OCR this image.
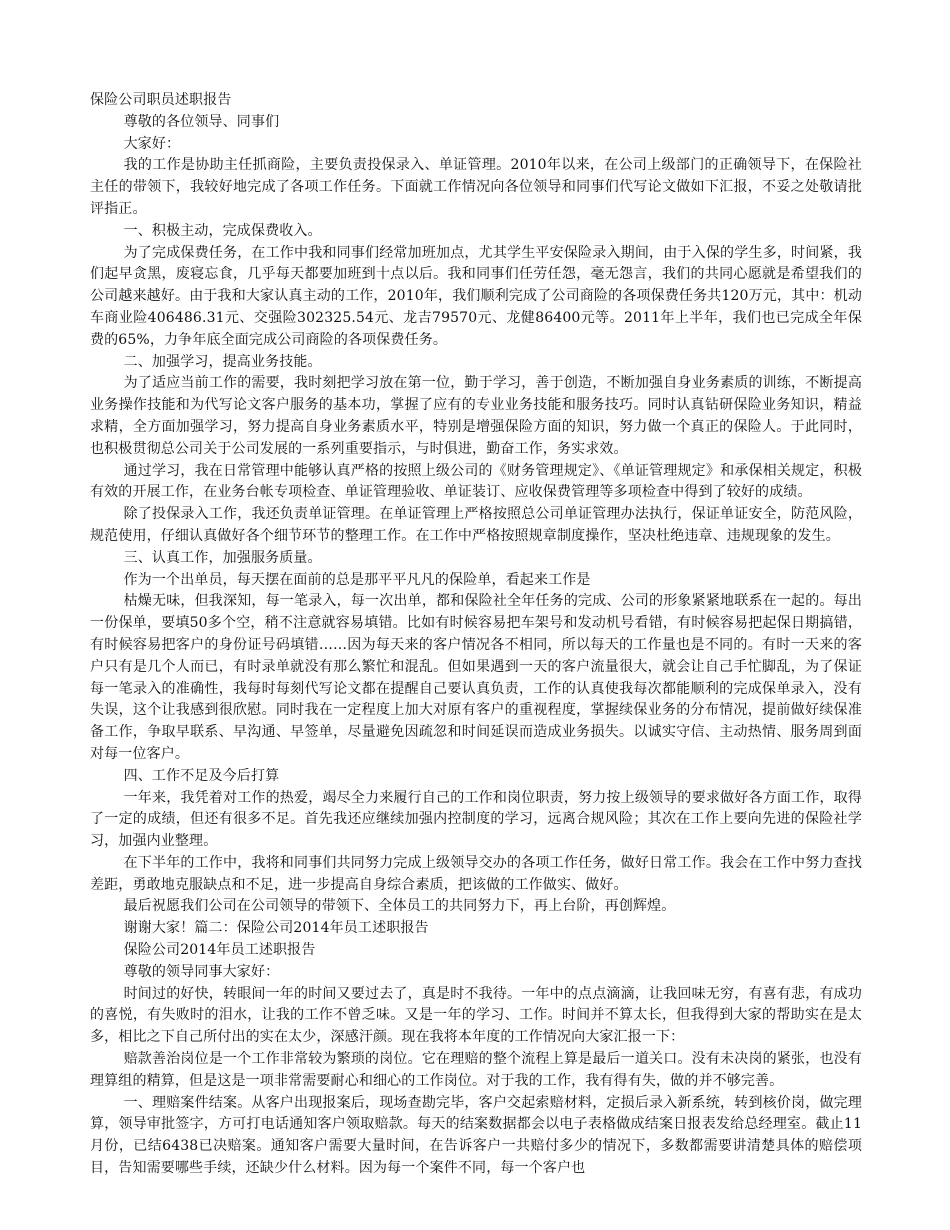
保险公司职员述职报告

尊敬的各位领导、同事们

大家好：

我的工作是协助主任抓商险，主要负责投保录入、单证管理。2010年以来，在公司上级部门的正确领导下，在保险社主任的带领下，我较好地完成了各项工作任务。下面就工作情况向各位领导和同事们代写论文做如下汇报，不妥之处敬请批评指正。

一、积极主动，完成保费收入。

为了完成保费任务，在工作中我和同事们经常加班加点，尤其学生平安保险录入期间，由于入保的学生多，时间紧，我们起早贪黑，废寝忘食，几乎每天都要加班到十点以后。我和同事们任劳任怨，毫无怨言，我们的共同心愿就是希望我们的公司越来越好。由于我和大家认真主动的工作，2010年，我们顺利完成了公司商险的各项保费任务共120万元，其中：机动车商业险406486.31元、交强险302325.54元、龙吉79570元、龙健86400元等。2011年上半年，我们也已完成全年保费的65%，力争年底全面完成公司商险的各项保费任务。

二、加强学习，提高业务技能。

为了适应当前工作的需要，我时刻把学习放在第一位，勤于学习，善于创造，不断加强自身业务素质的训练，不断提高业务操作技能和为代写论文客户服务的基本功，掌握了应有的专业业务技能和服务技巧。同时认真钻研保险业务知识，精益求精，全方面加强学习，努力提高自身业务素质水平，特别是增强保险方面的知识，努力做一个真正的保险人。于此同时，也积极贯彻总公司关于公司发展的一系列重要指示，与时俱进，勤奋工作，务实求效。

通过学习，我在日常管理中能够认真严格的按照上级公司的《财务管理规定》、《单证管理规定》和承保相关规定，积极有效的开展工作，在业务台帐专项检查、单证管理验收、单证装订、应收保费管理等多项检查中得到了较好的成绩。

除了投保录入工作，我还负责单证管理。在单证管理上严格按照总公司单证管理办法执行，保证单证安全，防范风险，规范使用，仔细认真做好各个细节环节的整理工作。在工作中严格按照规章制度操作，坚决杜绝违章、违规现象的发生。

三、认真工作，加强服务质量。

作为一个出单员，每天摆在面前的总是那平平凡凡的保险单，看起来工作是

枯燥无味，但我深知，每一笔录入，每一次出单，都和保险社全年任务的完成、公司的形象紧紧地联系在一起的。每出一份保单，要填50多个空，稍不注意就容易填错。比如有时候容易把车架号和发动机号看错，有时候容易把起保日期搞错，有时候容易把客户的身份证号码填错……因为每天来的客户情况各不相同，所以每天的工作量也是不同的。有时一天来的客户只有是几个人而已，有时录单就没有那么繁忙和混乱。但如果遇到一天的客户流量很大，就会让自己手忙脚乱，为了保证每一笔录入的准确性，我每时每刻代写论文都在提醒自己要认真负责，工作的认真使我每次都能顺利的完成保单录入，没有失误，这个让我感到很欣慰。同时我在一定程度上加大对原有客户的重视程度，掌握续保业务的分布情况，提前做好续保准备工作，争取早联系、早沟通、早签单，尽量避免因疏忽和时间延误而造成业务损失。以诚实守信、主动热情、服务周到面对每一位客户。

四、工作不足及今后打算

一年来，我凭着对工作的热爱，竭尽全力来履行自己的工作和岗位职责，努力按上级领导的要求做好各方面工作，取得了一定的成绩，但还有很多不足。首先我还应继续加强内控制度的学习，远离合规风险；其次在工作上要向先进的保险社学习，加强内业整理。

在下半年的工作中，我将和同事们共同努力完成上级领导交办的各项工作任务，做好日常工作。我会在工作中努力查找差距，勇敢地克服缺点和不足，进一步提高自身综合素质，把该做的工作做实、做好。

最后祝愿我们公司在公司领导的带领下、全体员工的共同努力下，再上台阶，再创辉煌。

谢谢大家！篇二：保险公司2014年员工述职报告

保险公司2014年员工述职报告

尊敬的领导同事大家好：

时间过的好快，转眼间一年的时间又要过去了，真是时不我待。一年中的点点滴滴，让我回味无穷，有喜有悲，有成功的喜悦，有失败时的泪水，让我的工作不曾乏味。又是一年的学习、工作。时间并不算太长，但我得到大家的帮助实在是太多，相比之下自己所付出的实在太少，深感汗颜。现在我将本年度的工作情况向大家汇报一下：

赔款善治岗位是一个工作非常较为繁琐的岗位。它在理赔的整个流程上算是最后一道关口。没有未决岗的紧张，也没有理算组的精算，但是这是一项非常需要耐心和细心的工作岗位。对于我的工作，我有得有失，做的并不够完善。

一、理赔案件结案。从客户出现报案后，现场查勘完毕，客户交起索赔材料，定损后录入新系统，转到核价岗，做完理算，领导审批签字，方可打电话通知客户领取赔款。每天的结案数据都会以电子表格做成结案日报表发给总经理室。截止11月份，已结6438已决赔案。通知客户需要大量时间，在告诉客户一共赔付多少的情况下，多数都需要讲清楚具体的赔偿项目，告知需要哪些手续，还缺少什么材料。因为每一个案件不同，每一个客户也
